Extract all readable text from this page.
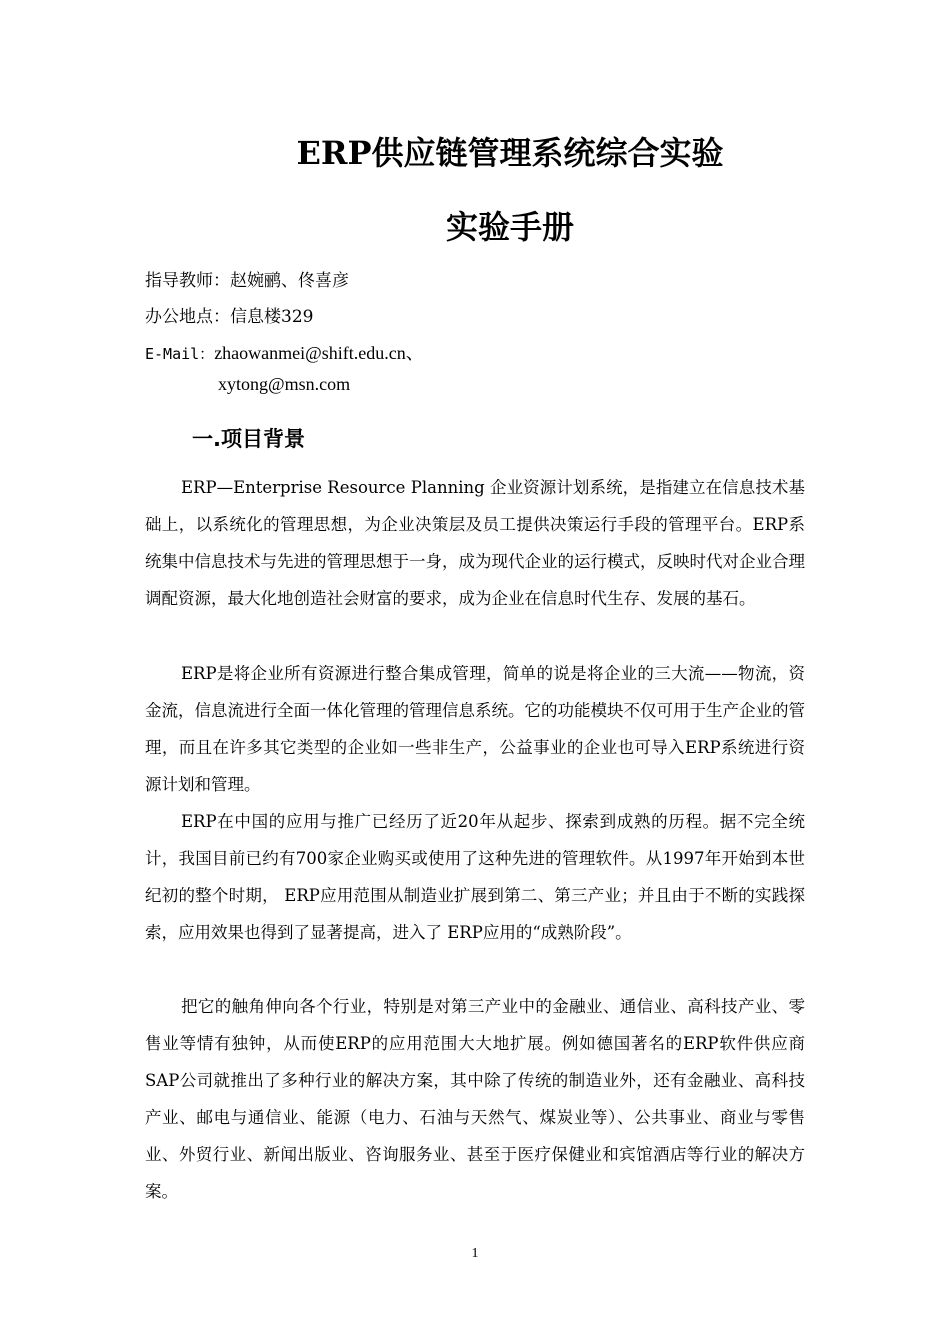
ERP供应链管理系统综合实验
实验手册
指导教师：赵婉鹂、佟喜彦
办公地点：信息楼329
E-Mail：zhaowanmei@shift.edu.cn、
xytong@msn.com
一.项目背景

ERP—Enterprise Resource Planning 企业资源计划系统，是指建立在信息技术基础上，以系统化的管理思想，为企业决策层及员工提供决策运行手段的管理平台。ERP系统集中信息技术与先进的管理思想于一身，成为现代企业的运行模式，反映时代对企业合理调配资源，最大化地创造社会财富的要求，成为企业在信息时代生存、发展的基石。

ERP是将企业所有资源进行整合集成管理，简单的说是将企业的三大流——物流，资金流，信息流进行全面一体化管理的管理信息系统。它的功能模块不仅可用于生产企业的管理，而且在许多其它类型的企业如一些非生产，公益事业的企业也可导入ERP系统进行资源计划和管理。

ERP在中国的应用与推广已经历了近20年从起步、探索到成熟的历程。据不完全统计，我国目前已约有700家企业购买或使用了这种先进的管理软件。从1997年开始到本世纪初的整个时期， ERP应用范围从制造业扩展到第二、第三产业；并且由于不断的实践探索，应用效果也得到了显著提高，进入了 ERP应用的“成熟阶段”。

把它的触角伸向各个行业，特别是对第三产业中的金融业、通信业、高科技产业、零售业等情有独钟，从而使ERP的应用范围大大地扩展。例如德国著名的ERP软件供应商SAP公司就推出了多种行业的解决方案，其中除了传统的制造业外，还有金融业、高科技产业、邮电与通信业、能源（电力、石油与天然气、煤炭业等）、公共事业、商业与零售业、外贸行业、新闻出版业、咨询服务业、甚至于医疗保健业和宾馆酒店等行业的解决方案。

1
